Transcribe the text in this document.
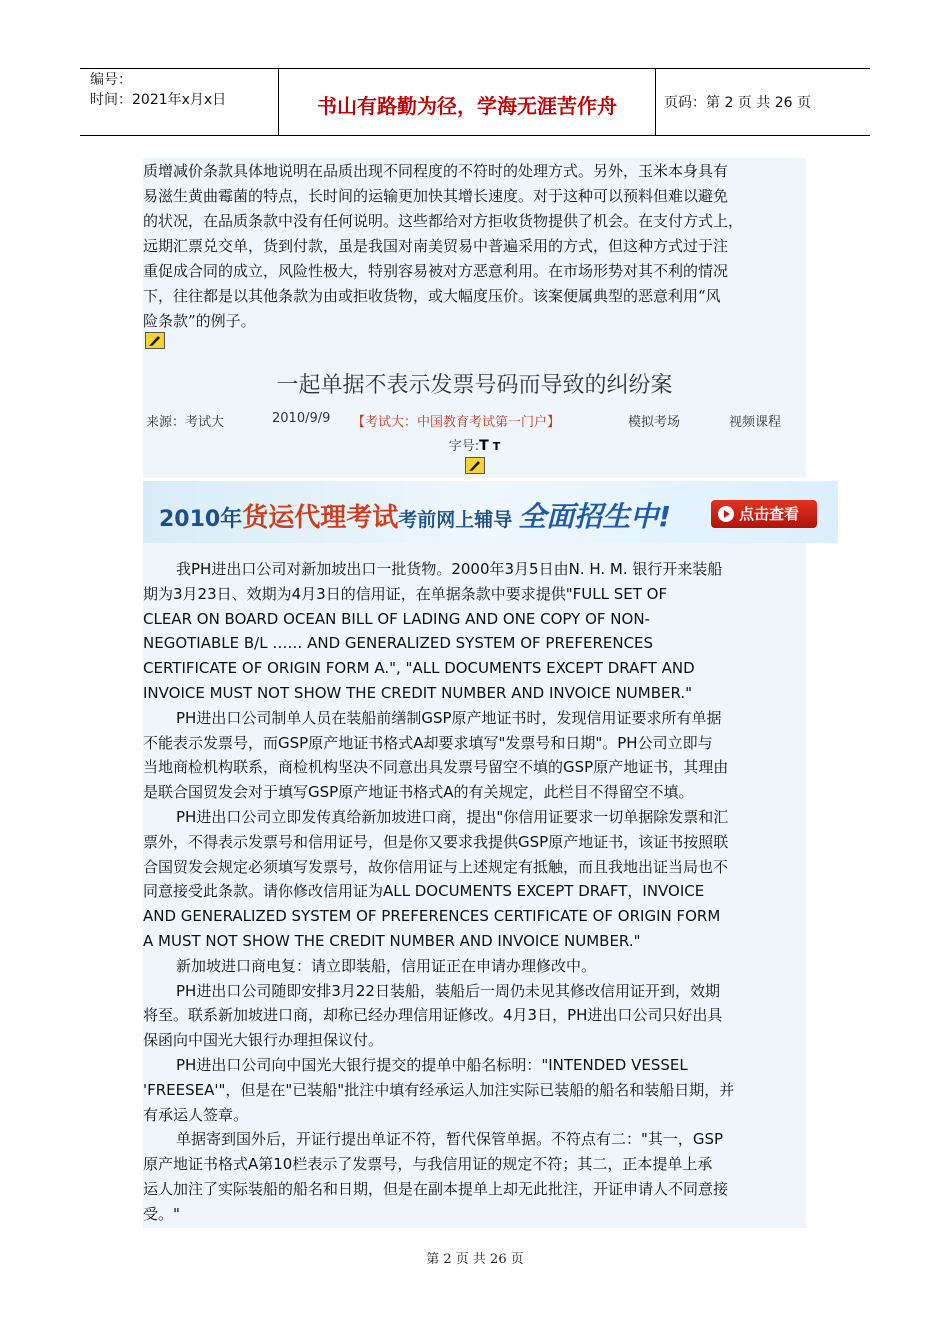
编号：
时间：2021年x月x日	书山有路勤为径，学海无涯苦作舟	页码：第 2 页 共 26 页
质增减价条款具体地说明在品质出现不同程度的不符时的处理方式。另外，玉米本身具有
易滋生黄曲霉菌的特点，长时间的运输更加快其增长速度。对于这种可以预料但难以避免
的状况，在品质条款中没有任何说明。这些都给对方拒收货物提供了机会。在支付方式上，
远期汇票兑交单，货到付款，虽是我国对南美贸易中普遍采用的方式，但这种方式过于注
重促成合同的成立，风险性极大，特别容易被对方恶意利用。在市场形势对其不利的情况
下，往往都是以其他条款为由或拒收货物，或大幅度压价。该案便属典型的恶意利用“风
险条款”的例子。
一起单据不表示发票号码而导致的纠纷案
来源：考试大	2010/9/9 【考试大：中国教育考试第一门户】	模拟考场	视频课程
字号:T T
2010年货运代理考试考前网上辅导 全面招生中!	点击查看
我PH进出口公司对新加坡出口一批货物。2000年3月5日由N. H. M. 银行开来装船
期为3月23日、效期为4月3日的信用证，在单据条款中要求提供"FULL SET OF
CLEAR ON BOARD OCEAN BILL OF LADING AND ONE COPY OF NON-
NEGOTIABLE B/L …… AND GENERALIZED SYSTEM OF PREFERENCES
CERTIFICATE OF ORIGIN FORM A.", "ALL DOCUMENTS EXCEPT DRAFT AND
INVOICE MUST NOT SHOW THE CREDIT NUMBER AND INVOICE NUMBER."
PH进出口公司制单人员在装船前缮制GSP原产地证书时，发现信用证要求所有单据
不能表示发票号，而GSP原产地证书格式A却要求填写"发票号和日期"。PH公司立即与
当地商检机构联系，商检机构坚决不同意出具发票号留空不填的GSP原产地证书，其理由
是联合国贸发会对于填写GSP原产地证书格式A的有关规定，此栏目不得留空不填。
PH进出口公司立即发传真给新加坡进口商，提出"你信用证要求一切单据除发票和汇
票外，不得表示发票号和信用证号，但是你又要求我提供GSP原产地证书，该证书按照联
合国贸发会规定必须填写发票号，故你信用证与上述规定有抵触，而且我地出证当局也不
同意接受此条款。请你修改信用证为ALL DOCUMENTS EXCEPT DRAFT，INVOICE
AND GENERALIZED SYSTEM OF PREFERENCES CERTIFICATE OF ORIGIN FORM
A MUST NOT SHOW THE CREDIT NUMBER AND INVOICE NUMBER."
新加坡进口商电复：请立即装船，信用证正在申请办理修改中。
PH进出口公司随即安排3月22日装船，装船后一周仍未见其修改信用证开到，效期
将至。联系新加坡进口商，却称已经办理信用证修改。4月3日，PH进出口公司只好出具
保函向中国光大银行办理担保议付。
PH进出口公司向中国光大银行提交的提单中船名标明："INTENDED VESSEL
'FREESEA'"，但是在"已装船"批注中填有经承运人加注实际已装船的船名和装船日期，并
有承运人签章。
单据寄到国外后，开证行提出单证不符，暂代保管单据。不符点有二："其一，GSP
原产地证书格式A第10栏表示了发票号，与我信用证的规定不符；其二，正本提单上承
运人加注了实际装船的船名和日期，但是在副本提单上却无此批注，开证申请人不同意接
受。"
第 2 页 共 26 页
